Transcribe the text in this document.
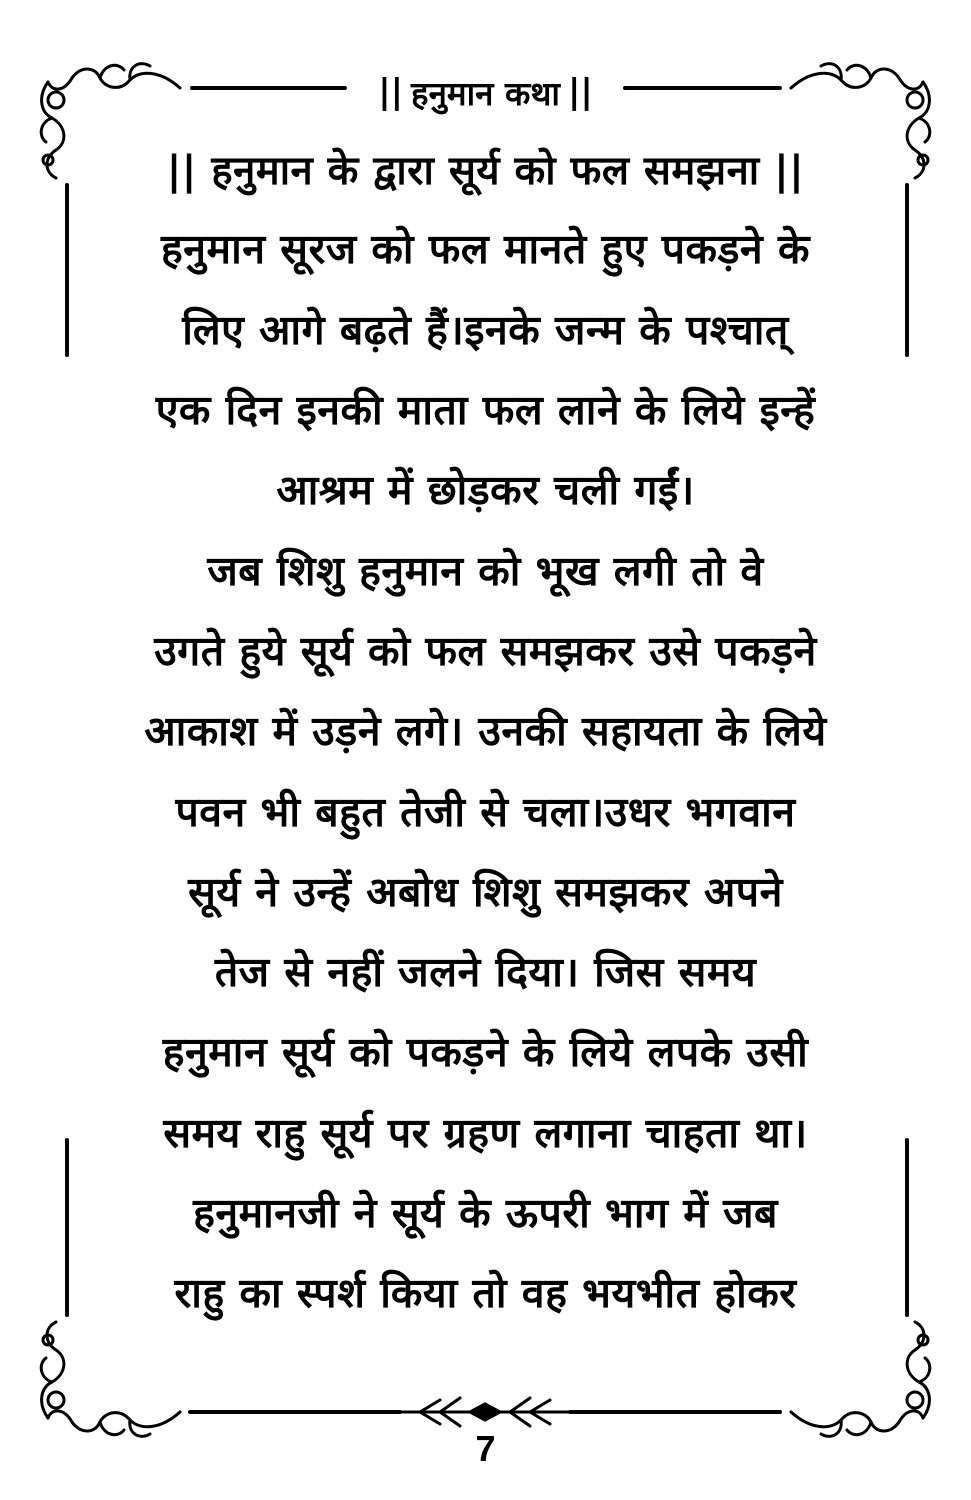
|| हनुमान कथा ||
|| हनुमान के द्वारा सूर्य को फल समझना ||
हनुमान सूरज को फल मानते हुए पकड़ने के
लिए आगे बढ़ते हैं।इनके जन्म के पश्चात्
एक दिन इनकी माता फल लाने के लिये इन्हें
आश्रम में छोड़कर चली गईं।
जब शिशु हनुमान को भूख लगी तो वे
उगते हुये सूर्य को फल समझकर उसे पकड़ने
आकाश में उड़ने लगे। उनकी सहायता के लिये
पवन भी बहुत तेजी से चला।उधर भगवान
सूर्य ने उन्हें अबोध शिशु समझकर अपने
तेज से नहीं जलने दिया। जिस समय
हनुमान सूर्य को पकड़ने के लिये लपके उसी
समय राहु सूर्य पर ग्रहण लगाना चाहता था।
हनुमानजी ने सूर्य के ऊपरी भाग में जब
राहु का स्पर्श किया तो वह भयभीत होकर
7
